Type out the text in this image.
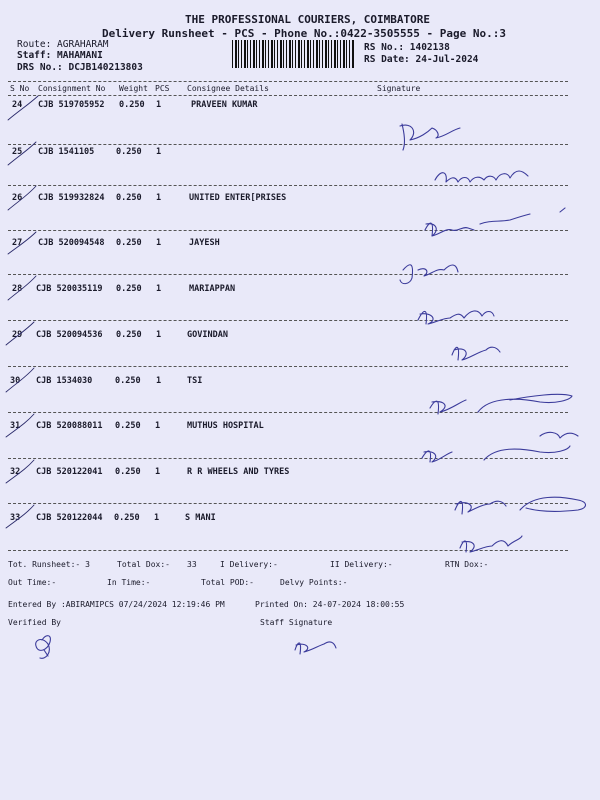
THE PROFESSIONAL COURIERS, COIMBATORE
Delivery Runsheet - PCS - Phone No.:0422-3505555 - Page No.:3
Route: AGRAHARAM
Staff: MAHAMANI
DRS No.: DCJB140213803
RS No.: 1402138
RS Date: 24-Jul-2024
S No Consignment No Weight PCS Consignee Details	Signature
24 CJB 519705952 0.250 1	PRAVEEN KUMAR
25 CJB 1541105	0.250 1
26 CJB 519932824 0.250 1	UNITED ENTER[PRISES
27 CJB 520094548 0.250 1	JAYESH
28 CJB 520035119 0.250 1	MARIAPPAN
29 CJB 520094536 0.250 1	GOVINDAN
30 CJB 1534030	0.250 1	TSI
31 CJB 520088011 0.250 1	MUTHUS HOSPITAL
32 CJB 520122041 0.250 1	R R WHEELS AND TYRES
33 CJB 520122044 0.250 1	S MANI
Tot. Runsheet:- 3	Total Dox:- 33	I Delivery:-	II Delivery:-	RTN Dox:-
Out Time:-	In Time:-	Total POD:-	Delvy Points:-
Entered By :ABIRAMIPCS 07/24/2024 12:19:46 PM	Printed On: 24-07-2024 18:00:55
Verified By	Staff Signature
